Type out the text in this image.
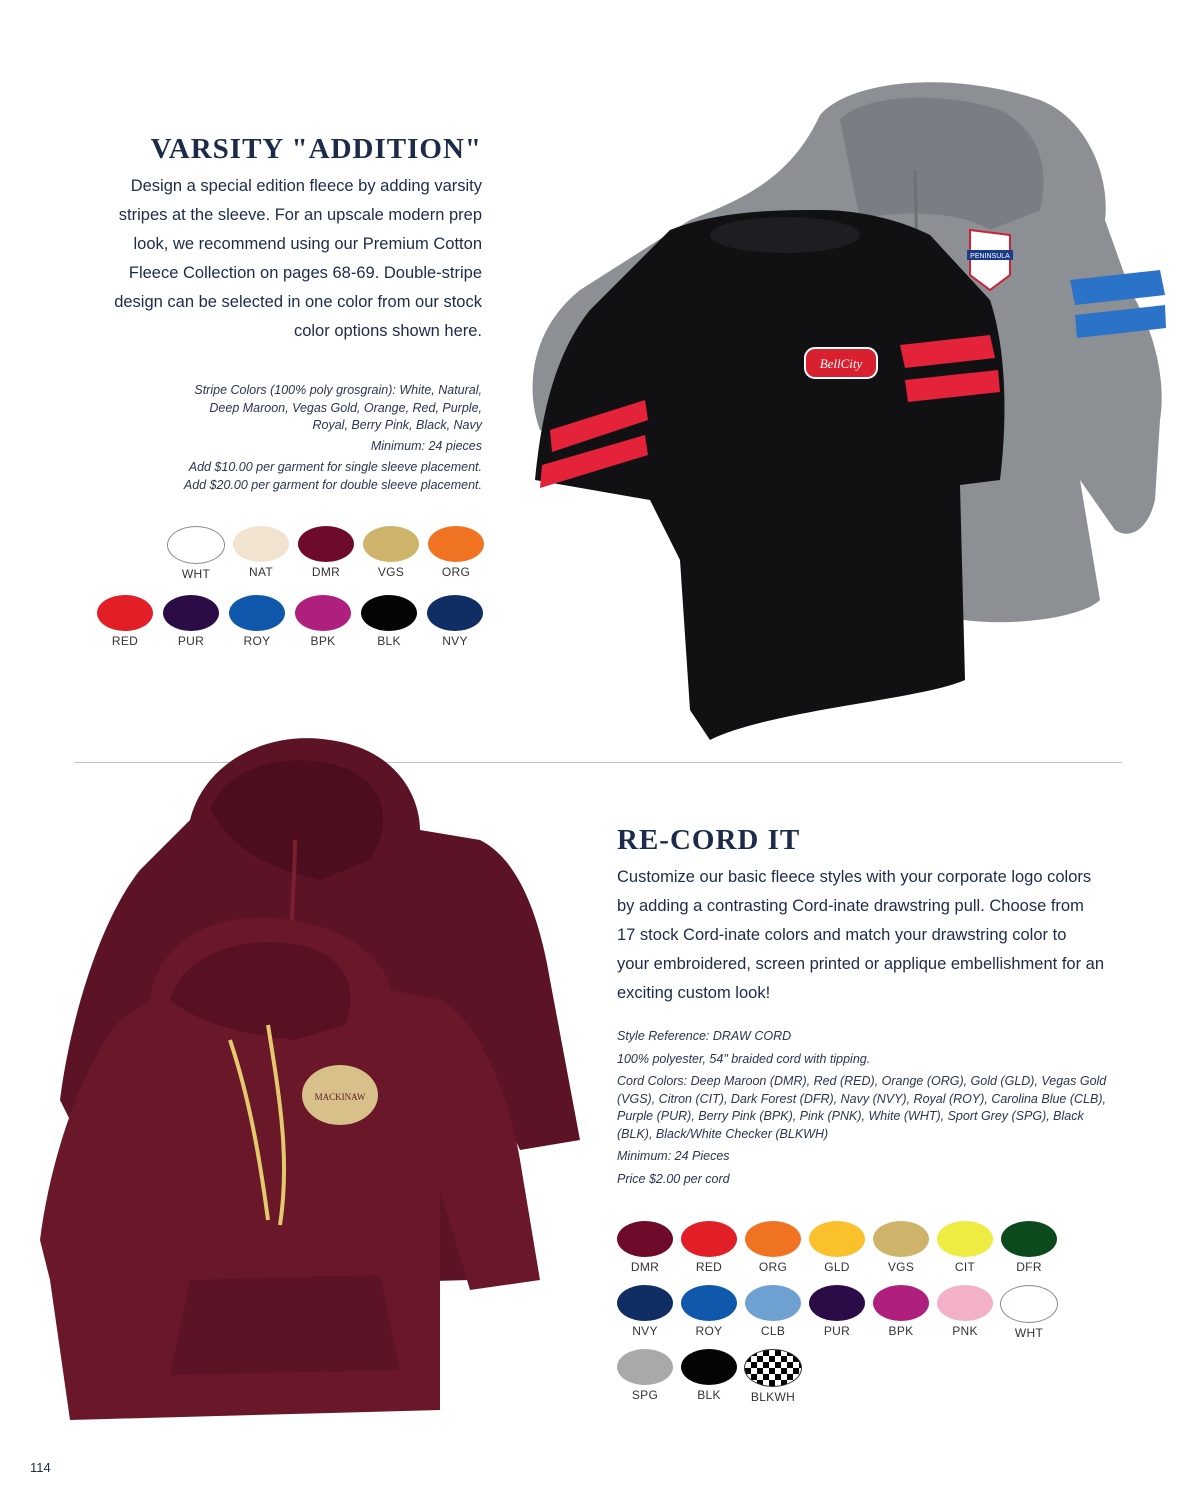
VARSITY "ADDITION"

Design a special edition fleece by adding varsity

stripes at the sleeve. For an upscale modern prep

look, we recommend using our Premium Cotton

Fleece Collection on pages 68-69. Double-stripe

design can be selected in one color from our stock

color options shown here.

Stripe Colors (100% poly grosgrain): White, Natural,

Deep Maroon, Vegas Gold, Orange, Red, Purple,

Royal, Berry Pink, Black, Navy

Minimum: 24 pieces

Add $10.00 per garment for single sleeve placement.

Add $20.00 per garment for double sleeve placement.

WHT	NAT	DMR	VGS	ORG
RED	PUR	ROY	BPK	BLK	NVY
PENINSULA
BellCity
MACKINAW
RE-CORD IT

Customize our basic fleece styles with your corporate logo colors

by adding a contrasting Cord-inate drawstring pull. Choose from

17 stock Cord-inate colors and match your drawstring color to

your embroidered, screen printed or applique embellishment for an

exciting custom look!

Style Reference: DRAW CORD

100% polyester, 54" braided cord with tipping.

Cord Colors: Deep Maroon (DMR), Red (RED), Orange (ORG), Gold (GLD), Vegas Gold

(VGS), Citron (CIT), Dark Forest (DFR), Navy (NVY), Royal (ROY), Carolina Blue (CLB),

Purple (PUR), Berry Pink (BPK), Pink (PNK), White (WHT), Sport Grey (SPG), Black

(BLK), Black/White Checker (BLKWH)

Minimum: 24 Pieces

Price $2.00 per cord

DMR	RED	ORG	GLD	VGS	CIT	DFR
NVY	ROY	CLB	PUR	BPK	PNK	WHT
SPG	BLK	BLKWH
114
